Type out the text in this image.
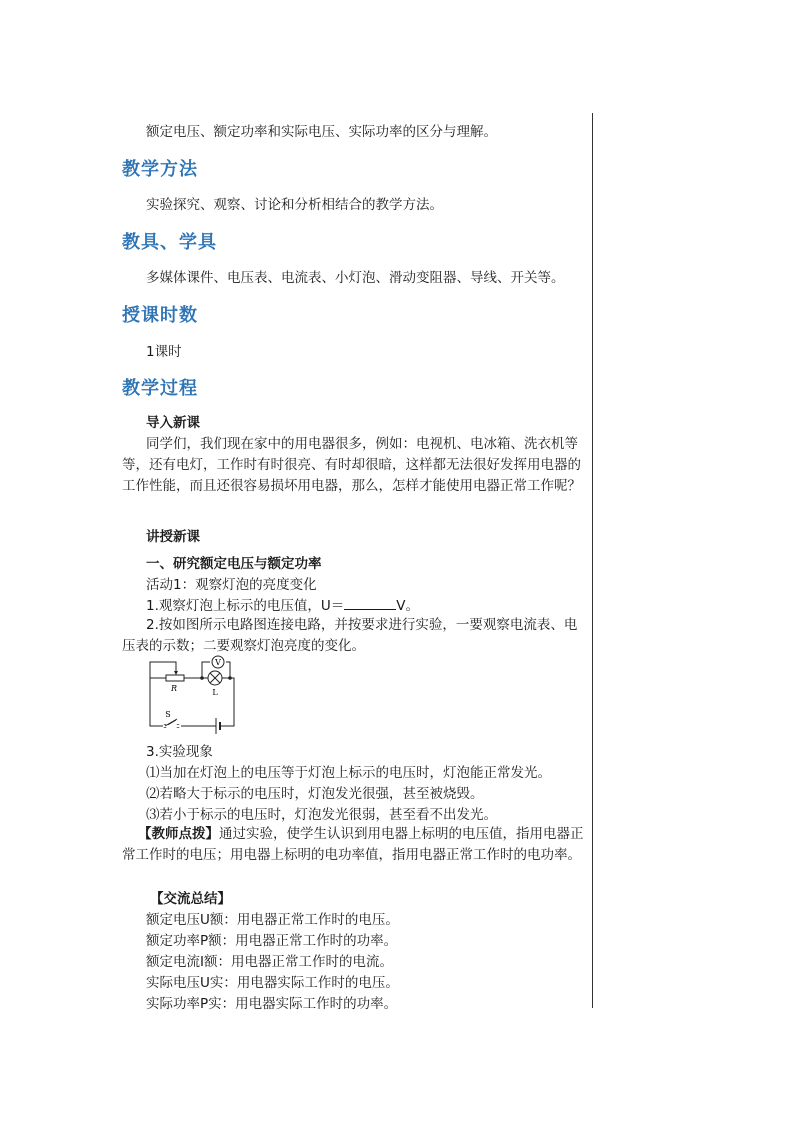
额定电压、额定功率和实际电压、实际功率的区分与理解。
教学方法
实验探究、观察、讨论和分析相结合的教学方法。
教具、学具
多媒体课件、电压表、电流表、小灯泡、滑动变阻器、导线、开关等。
授课时数
1课时
教学过程
导入新课
同学们，我们现在家中的用电器很多，例如：电视机、电冰箱、洗衣机等等，还有电灯，工作时有时很亮、有时却很暗，这样都无法很好发挥用电器的工作性能，而且还很容易损坏用电器，那么，怎样才能使用电器正常工作呢？
讲授新课
一、研究额定电压与额定功率
活动1：观察灯泡的亮度变化
1.观察灯泡上标示的电压值，U＝	V。
2.按如图所示电路图连接电路，并按要求进行实验，一要观察电流表、电压表的示数；二要观察灯泡亮度的变化。
V
R	L
S
3.实验现象
⑴当加在灯泡上的电压等于灯泡上标示的电压时，灯泡能正常发光。
⑵若略大于标示的电压时，灯泡发光很强，甚至被烧毁。
⑶若小于标示的电压时，灯泡发光很弱，甚至看不出发光。
【教师点拨】通过实验，使学生认识到用电器上标明的电压值，指用电器正常工作时的电压；用电器上标明的电功率值，指用电器正常工作时的电功率。
【交流总结】
额定电压U额：用电器正常工作时的电压。
额定功率P额：用电器正常工作时的功率。
额定电流I额：用电器正常工作时的电流。
实际电压U实：用电器实际工作时的电压。
实际功率P实：用电器实际工作时的功率。
